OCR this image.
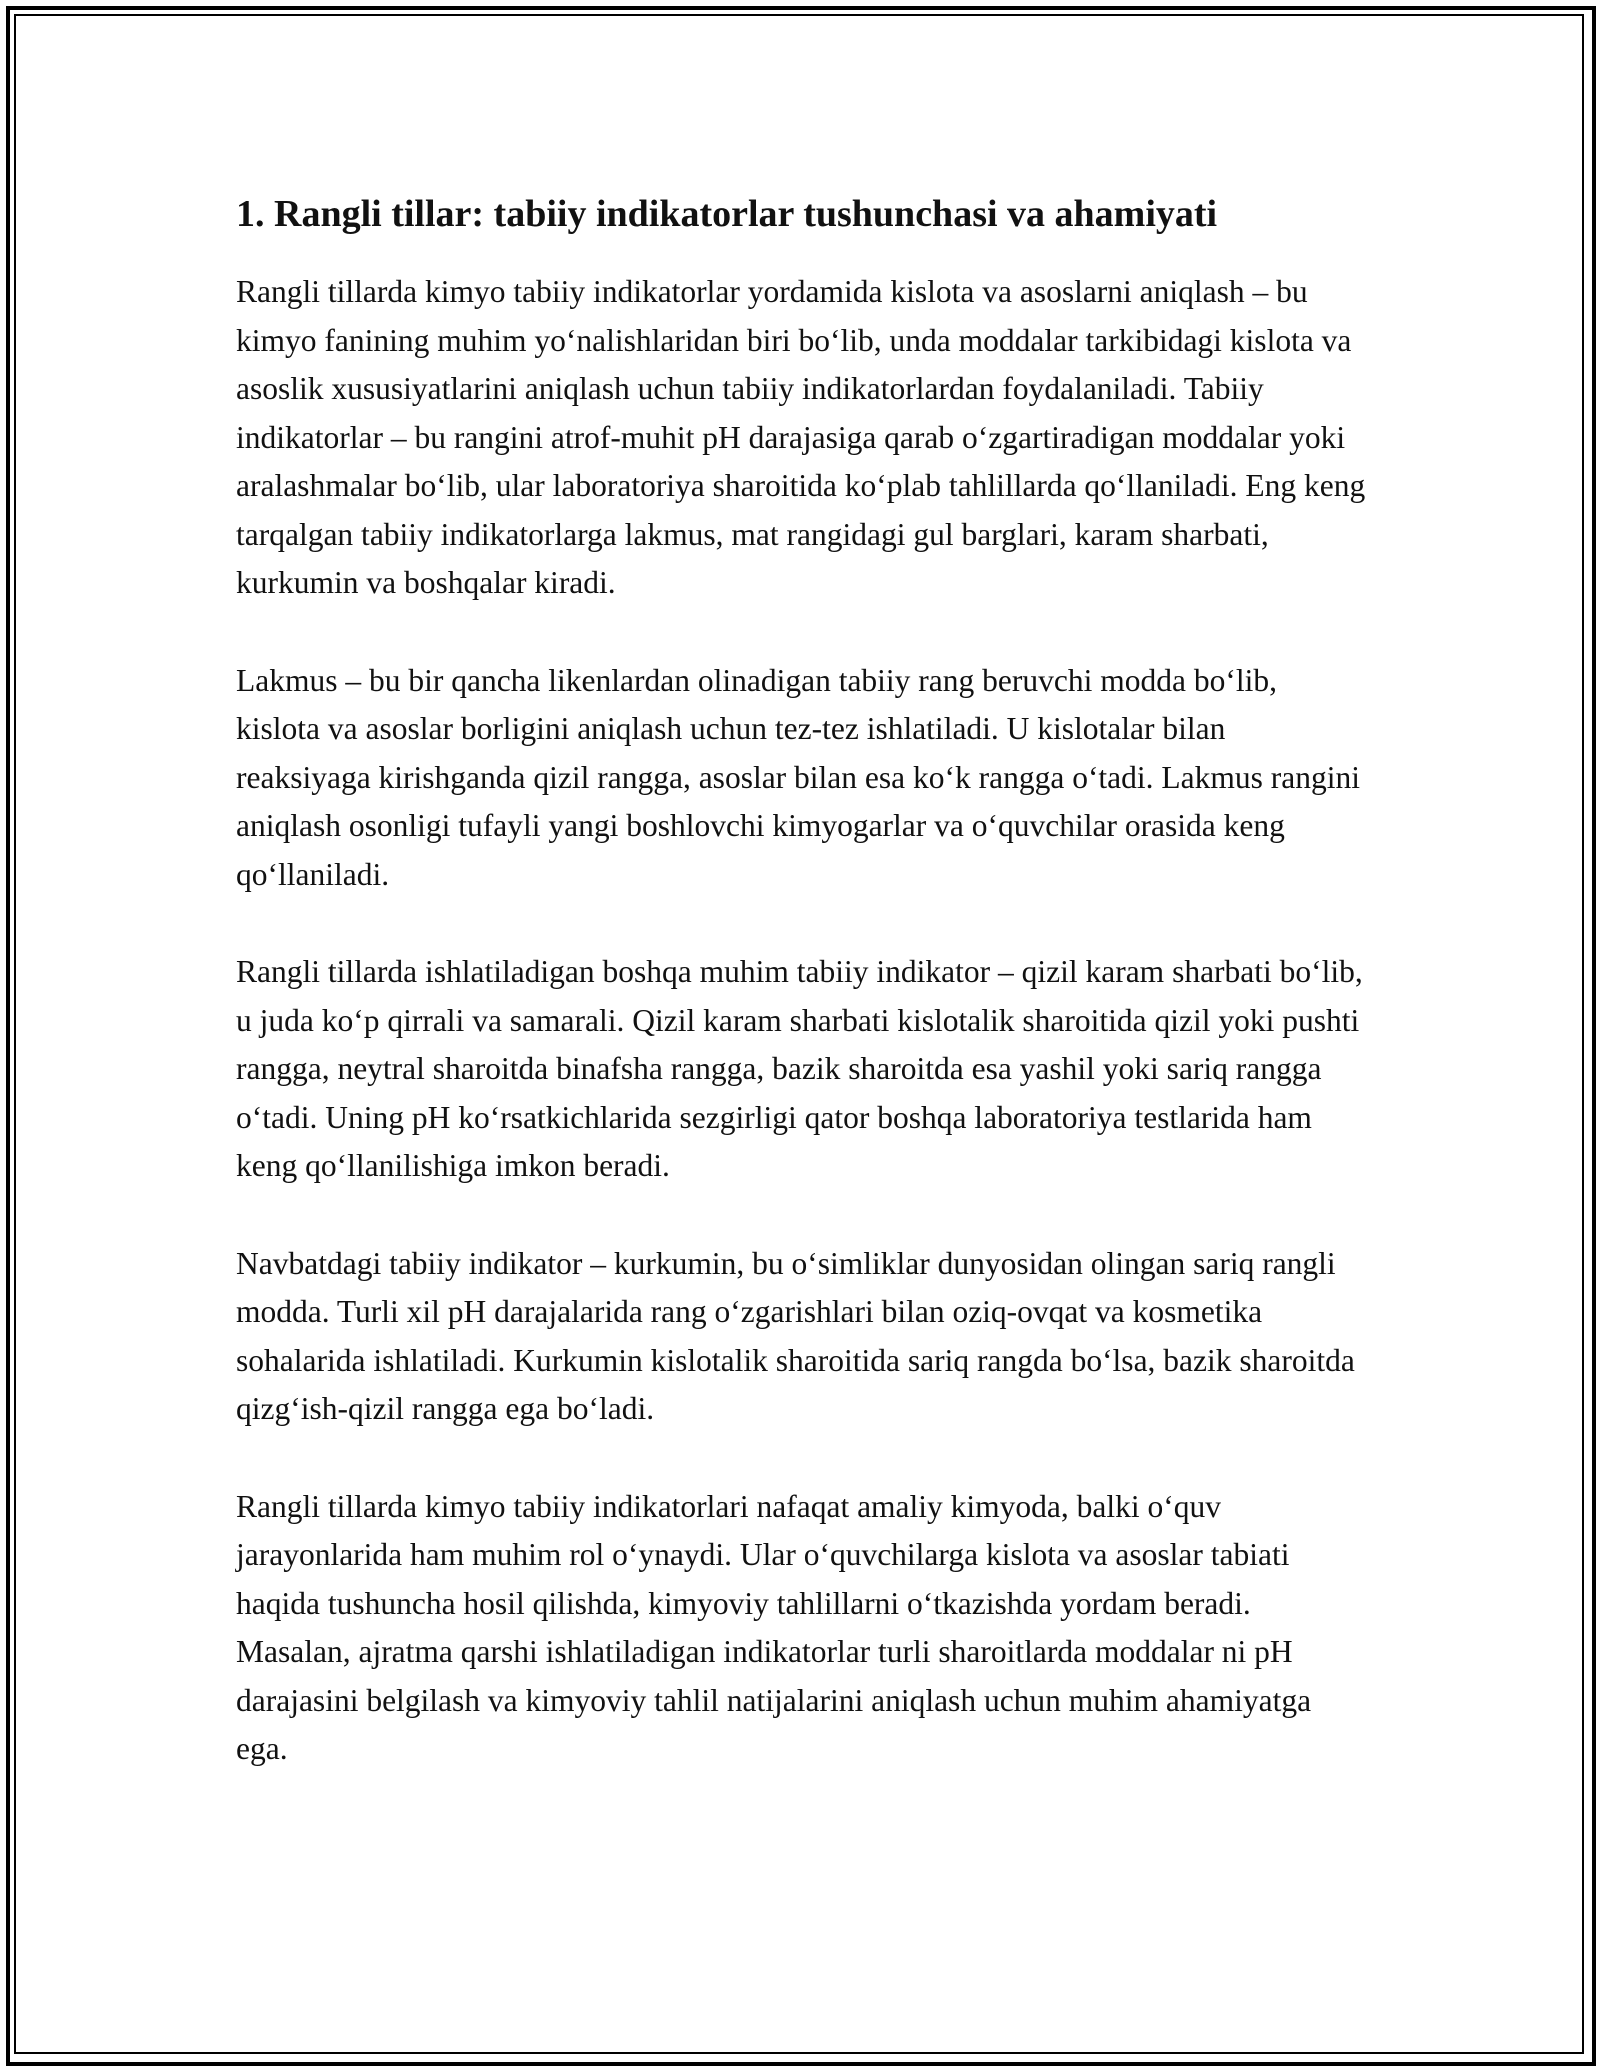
1. Rangli tillar: tabiiy indikatorlar tushunchasi va ahamiyati

Rangli tillarda kimyo tabiiy indikatorlar yordamida kislota va asoslarni aniqlash – bu kimyo fanining muhim yo‘nalishlaridan biri bo‘lib, unda moddalar tarkibidagi kislota va asoslik xususiyatlarini aniqlash uchun tabiiy indikatorlardan foydalaniladi. Tabiiy indikatorlar – bu rangini atrof-muhit pH darajasiga qarab o‘zgartiradigan moddalar yoki aralashmalar bo‘lib, ular laboratoriya sharoitida ko‘plab tahlillarda qo‘llaniladi. Eng keng tarqalgan tabiiy indikatorlarga lakmus, mat rangidagi gul barglari, karam sharbati, kurkumin va boshqalar kiradi.

Lakmus – bu bir qancha likenlardan olinadigan tabiiy rang beruvchi modda bo‘lib, kislota va asoslar borligini aniqlash uchun tez-tez ishlatiladi. U kislotalar bilan reaksiyaga kirishganda qizil rangga, asoslar bilan esa ko‘k rangga o‘tadi. Lakmus rangini aniqlash osonligi tufayli yangi boshlovchi kimyogarlar va o‘quvchilar orasida keng qo‘llaniladi.

Rangli tillarda ishlatiladigan boshqa muhim tabiiy indikator – qizil karam sharbati bo‘lib, u juda ko‘p qirrali va samarali. Qizil karam sharbati kislotalik sharoitida qizil yoki pushti rangga, neytral sharoitda binafsha rangga, bazik sharoitda esa yashil yoki sariq rangga o‘tadi. Uning pH ko‘rsatkichlarida sezgirligi qator boshqa laboratoriya testlarida ham keng qo‘llanilishiga imkon beradi.

Navbatdagi tabiiy indikator – kurkumin, bu o‘simliklar dunyosidan olingan sariq rangli modda. Turli xil pH darajalarida rang o‘zgarishlari bilan oziq-ovqat va kosmetika sohalarida ishlatiladi. Kurkumin kislotalik sharoitida sariq rangda bo‘lsa, bazik sharoitda qizg‘ish-qizil rangga ega bo‘ladi.

Rangli tillarda kimyo tabiiy indikatorlari nafaqat amaliy kimyoda, balki o‘quv jarayonlarida ham muhim rol o‘ynaydi. Ular o‘quvchilarga kislota va asoslar tabiati haqida tushuncha hosil qilishda, kimyoviy tahlillarni o‘tkazishda yordam beradi. Masalan, ajratma qarshi ishlatiladigan indikatorlar turli sharoitlarda moddalar ni pH darajasini belgilash va kimyoviy tahlil natijalarini aniqlash uchun muhim ahamiyatga ega.
